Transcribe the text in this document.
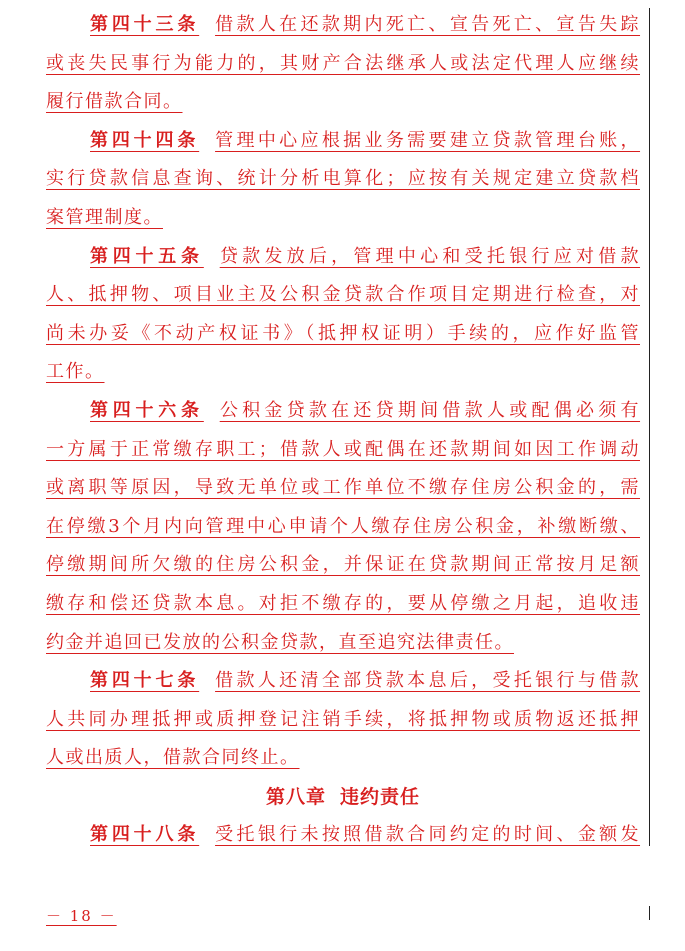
第四十三条 借款人在还款期内死亡、宣告死亡、宣告失踪
或丧失民事行为能力的，其财产合法继承人或法定代理人应继续
履行借款合同。
第四十四条 管理中心应根据业务需要建立贷款管理台账，
实行贷款信息查询、统计分析电算化；应按有关规定建立贷款档
案管理制度。
第四十五条 贷款发放后，管理中心和受托银行应对借款
人、抵押物、项目业主及公积金贷款合作项目定期进行检查，对
尚未办妥《不动产权证书》（抵押权证明）手续的，应作好监管
工作。
第四十六条 公积金贷款在还贷期间借款人或配偶必须有
一方属于正常缴存职工；借款人或配偶在还款期间如因工作调动
或离职等原因，导致无单位或工作单位不缴存住房公积金的，需
在停缴3个月内向管理中心申请个人缴存住房公积金，补缴断缴、
停缴期间所欠缴的住房公积金，并保证在贷款期间正常按月足额
缴存和偿还贷款本息。对拒不缴存的，要从停缴之月起，追收违
约金并追回已发放的公积金贷款，直至追究法律责任。
第四十七条 借款人还清全部贷款本息后，受托银行与借款
人共同办理抵押或质押登记注销手续，将抵押物或质物返还抵押
人或出质人，借款合同终止。
第八章 违约责任
第四十八条 受托银行未按照借款合同约定的时间、金额发
－ 18 －
